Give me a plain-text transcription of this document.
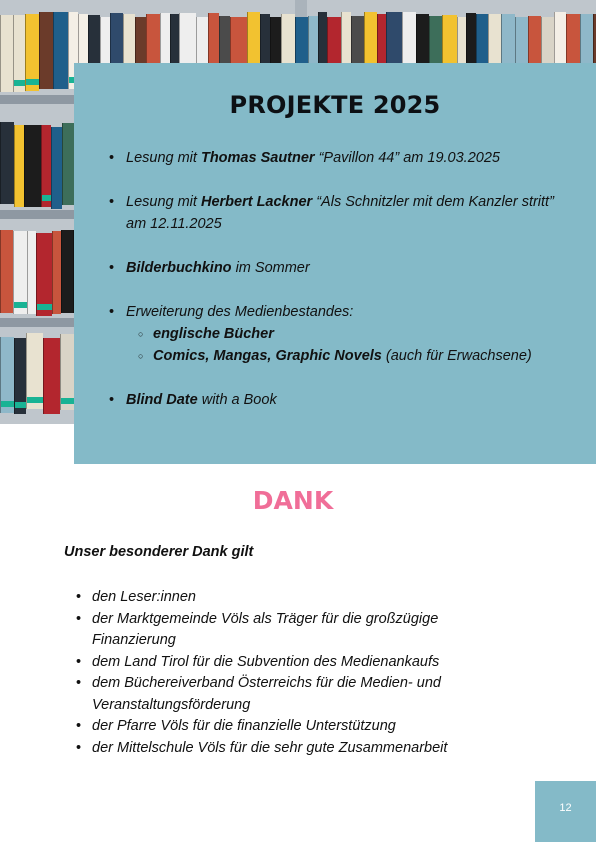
PROJEKTE 2025
• Lesung mit Thomas Sautner “Pavillon 44” am 19.03.2025
• Lesung mit Herbert Lackner “Als Schnitzler mit dem Kanzler stritt” am 12.11.2025
• Bilderbuchkino im Sommer
• Erweiterung des Medienbestandes:
○ englische Bücher
○ Comics, Mangas, Graphic Novels (auch für Erwachsene)
• Blind Date with a Book
DANK

Unser besonderer Dank gilt

• den Leser:innen
• der Marktgemeinde Völs als Träger für die großzügige Finanzierung
• dem Land Tirol für die Subvention des Medienankaufs
• dem Büchereiverband Österreichs für die Medien- und Veranstaltungsförderung
• der Pfarre Völs für die finanzielle Unterstützung
• der Mittelschule Völs für die sehr gute Zusammenarbeit
12
